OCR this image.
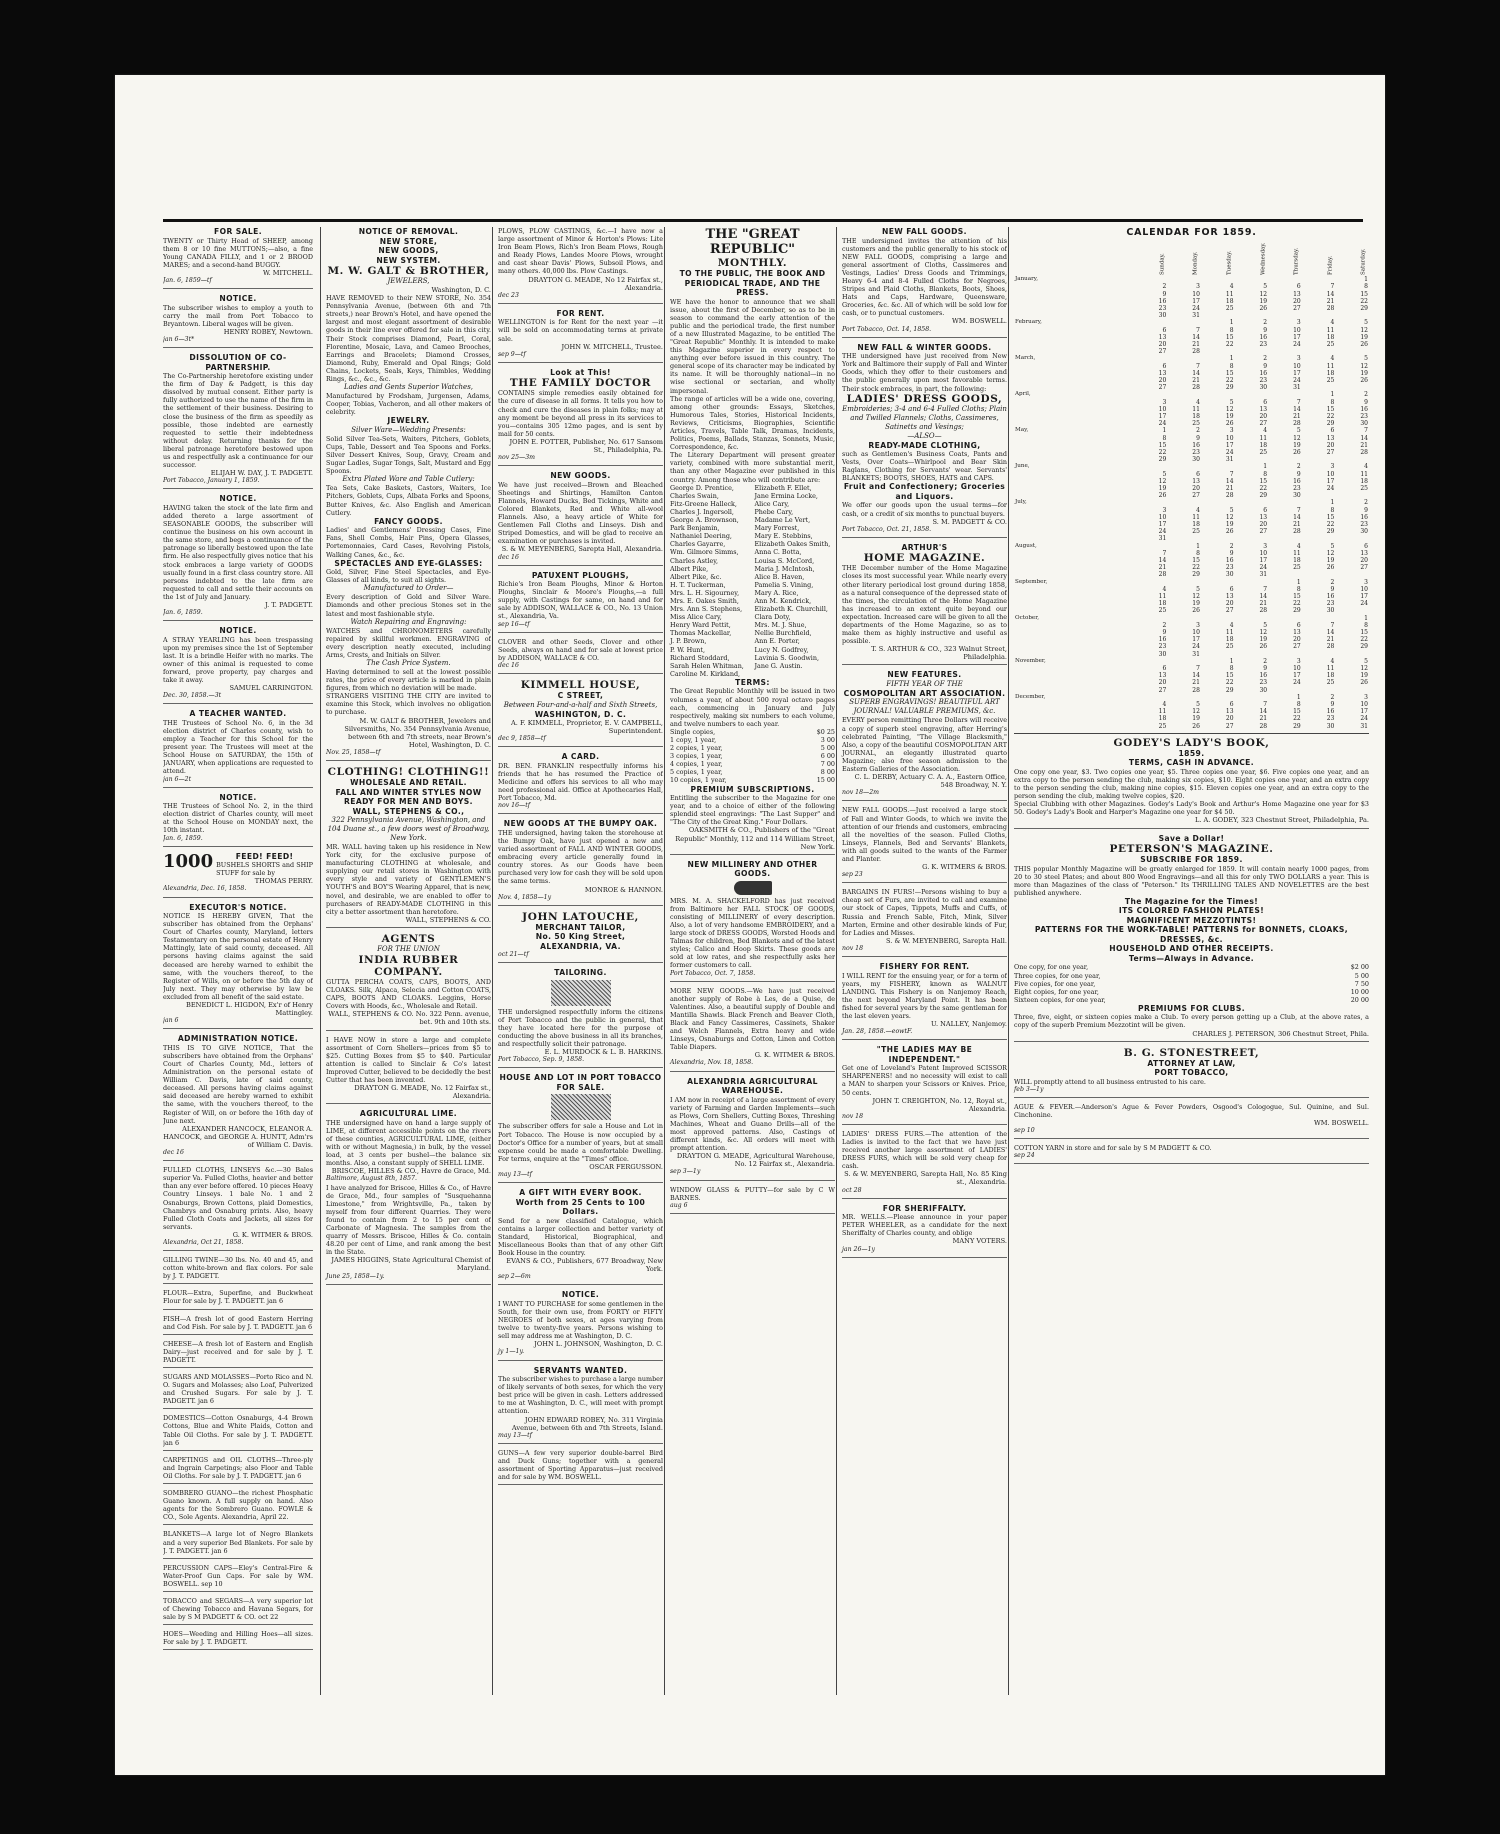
FOR SALE.
TWENTY or Thirty Head of SHEEP, among them 8 or 10 fine MUTTONS;—also, a fine Young CANADA FILLY, and 1 or 2 BROOD MARES; and a second-hand BUGGY.
W. MITCHELL.
Jan. 6, 1859—tf
NOTICE.
The subscriber wishes to employ a youth to carry the mail from Port Tobacco to Bryantown. Liberal wages will be given.
HENRY ROBEY, Newtown.
jan 6—3t*
DISSOLUTION OF CO-PARTNERSHIP.
The Co-Partnership heretofore existing under the firm of Day & Padgett, is this day dissolved by mutual consent. Either party is fully authorized to use the name of the firm in the settlement of their business. Desiring to close the business of the firm as speedily as possible, those indebted are earnestly requested to settle their indebtedness without delay. Returning thanks for the liberal patronage heretofore bestowed upon us and respectfully ask a continuance for our successor.
ELIJAH W. DAY, J. T. PADGETT.
Port Tobacco, January 1, 1859.
NOTICE.
HAVING taken the stock of the late firm and added thereto a large assortment of SEASONABLE GOODS, the subscriber will continue the business on his own account in the same store, and begs a continuance of the patronage so liberally bestowed upon the late firm. He also respectfully gives notice that his stock embraces a large variety of GOODS usually found in a first class country store. All persons indebted to the late firm are requested to call and settle their accounts on the 1st of July and January.
J. T. PADGETT.
Jan. 6, 1859.
NOTICE.
A STRAY YEARLING has been trespassing upon my premises since the 1st of September last. It is a brindle Heifer with no marks. The owner of this animal is requested to come forward, prove property, pay charges and take it away.
SAMUEL CARRINGTON.
Dec. 30, 1858.—3t
A TEACHER WANTED.
THE Trustees of School No. 6, in the 3d election district of Charles county, wish to employ a Teacher for this School for the present year. The Trustees will meet at the School House on SATURDAY, the 15th of JANUARY, when applications are requested to attend.
jan 6—2t
NOTICE.
THE Trustees of School No. 2, in the third election district of Charles county, will meet at the School House on MONDAY next, the 10th instant.
Jan. 6, 1859.
1000	FEED! FEED!
BUSHELS SHORTS and SHIP STUFF for sale by
THOMAS PERRY.
Alexandria, Dec. 16, 1858.
EXECUTOR'S NOTICE.
NOTICE IS HEREBY GIVEN, That the subscriber has obtained from the Orphans' Court of Charles county, Maryland, letters Testamentary on the personal estate of Henry Mattingly, late of said county, deceased. All persons having claims against the said deceased are hereby warned to exhibit the same, with the vouchers thereof, to the Register of Wills, on or before the 5th day of July next. They may otherwise by law be excluded from all benefit of the said estate.
BENEDICT L. HIGDON, Ex'r of Henry Mattingley.
jan 6
ADMINISTRATION NOTICE.
THIS IS TO GIVE NOTICE, That the subscribers have obtained from the Orphans' Court of Charles County, Md., letters of Administration on the personal estate of William C. Davis, late of said county, deceased. All persons having claims against said deceased are hereby warned to exhibit the same, with the vouchers thereof, to the Register of Will, on or before the 16th day of June next.
ALEXANDER HANCOCK, ELEANOR A. HANCOCK, and GEORGE A. HUNTT, Adm'rs of William C. Davis.
dec 16
FULLED CLOTHS, LINSEYS &c.—30 Bales superior Va. Fulled Cloths, heavier and better than any ever before offered. 10 pieces Heavy Country Linseys. 1 bale No. 1 and 2 Osnaburgs, Brown Cottons, plaid Domestics, Chambrys and Osnaburg prints. Also, heavy Fulled Cloth Coats and Jackets, all sizes for servants.
G. K. WITMER & BROS.
Alexandria, Oct 21, 1858.
GILLING TWINE—30 lbs. No. 40 and 45, and cotton white-brown and flax colors. For sale by J. T. PADGETT.
FLOUR—Extra, Superfine, and Buckwheat Flour for sale by J. T. PADGETT. jan 6
FISH—A fresh lot of good Eastern Herring and Cod Fish. For sale by J. T. PADGETT. jan 6
CHEESE—A fresh lot of Eastern and English Dairy—just received and for sale by J. T. PADGETT.
SUGARS AND MOLASSES—Porto Rico and N. O. Sugars and Molasses; also Loaf, Pulverized and Crushed Sugars. For sale by J. T. PADGETT. jan 6
DOMESTICS—Cotton Osnaburgs, 4-4 Brown Cottons, Blue and White Plaids, Cotton and Table Oil Cloths. For sale by J. T. PADGETT. jan 6
CARPETINGS and OIL CLOTHS—Three-ply and Ingrain Carpetings; also Floor and Table Oil Cloths. For sale by J. T. PADGETT. jan 6
SOMBRERO GUANO—the richest Phosphatic Guano known. A full supply on hand. Also agents for the Sombrero Guano. FOWLE & CO., Sole Agents. Alexandria, April 22.
BLANKETS—A large lot of Negro Blankets and a very superior Bed Blankets. For sale by J. T. PADGETT. jan 6
PERCUSSION CAPS—Eley's Central-Fire & Water-Proof Gun Caps. For sale by WM. BOSWELL. sep 10
TOBACCO and SEGARS—A very superior lot of Chewing Tobacco and Havana Segars, for sale by S M PADGETT & CO. oct 22
HOES—Weeding and Hilling Hoes—all sizes. For sale by J. T. PADGETT.
NOTICE OF REMOVAL.
NEW STORE,
NEW GOODS,
NEW SYSTEM.
M. W. GALT & BROTHER,
JEWELERS,
Washington, D. C.
HAVE REMOVED to their NEW STORE, No. 354 Pennsylvania Avenue, (between 6th and 7th streets,) near Brown's Hotel, and have opened the largest and most elegant assortment of desirable goods in their line ever offered for sale in this city. Their Stock comprises Diamond, Pearl, Coral, Florentine, Mosaic, Lava, and Cameo Brooches, Earrings and Bracelets; Diamond Crosses, Diamond, Ruby, Emerald and Opal Rings; Gold Chains, Lockets, Seals, Keys, Thimbles, Wedding Rings, &c., &c., &c.
Ladies and Gents Superior Watches,
Manufactured by Frodsham, Jurgensen, Adams, Cooper, Tobias, Vacheron, and all other makers of celebrity.
JEWELRY.
Silver Ware—Wedding Presents:
Solid Silver Tea-Sets, Waiters, Pitchers, Goblets, Cups, Table, Dessert and Tea Spoons and Forks. Silver Dessert Knives, Soup, Gravy, Cream and Sugar Ladles, Sugar Tongs, Salt, Mustard and Egg Spoons.
Extra Plated Ware and Table Cutlery:
Tea Sets, Cake Baskets, Castors, Waiters, Ice Pitchers, Goblets, Cups, Albata Forks and Spoons, Butter Knives, &c. Also English and American Cutlery.
FANCY GOODS.
Ladies' and Gentlemens' Dressing Cases, Fine Fans, Shell Combs, Hair Pins, Opera Glasses, Portemonnaies, Card Cases, Revolving Pistols, Walking Canes, &c., &c.
SPECTACLES AND EYE-GLASSES:
Gold, Silver, Fine Steel Spectacles, and Eye-Glasses of all kinds, to suit all sights.
Manufactured to Order—
Every description of Gold and Silver Ware. Diamonds and other precious Stones set in the latest and most fashionable style.
Watch Repairing and Engraving:
WATCHES and CHRONOMETERS carefully repaired by skillful workmen. ENGRAVING of every description neatly executed, including Arms, Crests, and Initials on Silver.
The Cash Price System.
Having determined to sell at the lowest possible rates, the price of every article is marked in plain figures, from which no deviation will be made.
STRANGERS VISITING THE CITY are invited to examine this Stock, which involves no obligation to purchase.
M. W. GALT & BROTHER, Jewelers and Silversmiths, No. 354 Pennsylvania Avenue, between 6th and 7th streets, near Brown's Hotel, Washington, D. C.
Nov. 25, 1858—tf
CLOTHING! CLOTHING!!
WHOLESALE AND RETAIL.
FALL AND WINTER STYLES NOW READY FOR MEN AND BOYS.
WALL, STEPHENS & CO.,
322 Pennsylvania Avenue, Washington, and 104 Duane st., a few doors west of Broadway, New York.
MR. WALL having taken up his residence in New York city, for the exclusive purpose of manufacturing CLOTHING at wholesale, and supplying our retail stores in Washington with every style and variety of GENTLEMEN'S YOUTH'S and BOY'S Wearing Apparel, that is new, novel, and desirable, we are enabled to offer to purchasers of READY-MADE CLOTHING in this city a better assortment than heretofore.
WALL, STEPHENS & CO.
AGENTS
FOR THE UNION
INDIA RUBBER COMPANY.
GUTTA PERCHA COATS, CAPS, BOOTS, AND CLOAKS. Silk, Alpaca, Selecia and Cotton COATS, CAPS, BOOTS AND CLOAKS. Leggins, Horse Covers with Hoods, &c., Wholesale and Retail.
WALL, STEPHENS & CO. No. 322 Penn. avenue, bet. 9th and 10th sts.
I HAVE NOW in store a large and complete assortment of Corn Shellers—prices from $5 to $25. Cutting Boxes from $5 to $40. Particular attention is called to Sinclair & Co's latest Improved Cutter, believed to be decidedly the best Cutter that has been invented.
DRAYTON G. MEADE, No. 12 Fairfax st., Alexandria.
AGRICULTURAL LIME.
THE undersigned have on hand a large supply of LIME, at different accessible points on the rivers of these counties, AGRICULTURAL LIME, (either with or without Magnesia,) in bulk, by the vessel load, at 3 cents per bushel—the balance six months. Also, a constant supply of SHELL LIME.
BRISCOE, HILLES & CO., Havre de Grace, Md.
Baltimore, August 8th, 1857.
I have analyzed for Briscoe, Hilles & Co., of Havre de Grace, Md., four samples of "Susquehanna Limestone," from Wrightsville, Pa., taken by myself from four different Quarries. They were found to contain from 2 to 15 per cent of Carbonate of Magnesia. The samples from the quarry of Messrs. Briscoe, Hilles & Co. contain 48.20 per cent of Lime, and rank among the best in the State.
JAMES HIGGINS, State Agricultural Chemist of Maryland.
June 25, 1858—1y.
PLOWS, PLOW CASTINGS, &c.—I have now a large assortment of Minor & Horton's Plows: Lite Iron Beam Plows, Rich's Iron Beam Plows, Rough and Ready Plows, Landes Moore Plows, wrought and cast shear Davis' Plows, Subsoil Plows, and many others. 40,000 lbs. Plow Castings.
DRAYTON G. MEADE, No 12 Fairfax st., Alexandria.
dec 23
FOR RENT.
WELLINGTON is for Rent for the next year —it will be sold on accommodating terms at private sale.
JOHN W. MITCHELL, Trustee.
sep 9—tf
Look at This!
THE FAMILY DOCTOR
CONTAINS simple remedies easily obtained for the cure of disease in all forms. It tells you how to check and cure the diseases in plain folks; may at any moment be beyond all press in its services to you—contains 305 12mo pages, and is sent by mail for 50 cents.
JOHN E. POTTER, Publisher, No. 617 Sansom St., Philadelphia, Pa.
nov 25—3m
NEW GOODS.
We have just received—Brown and Bleached Sheetings and Shirtings, Hamilton Canton Flannels, Howard Ducks, Bed Tickings, White and Colored Blankets, Red and White all-wool Flannels. Also, a heavy article of White for Gentlemen Fall Cloths and Linseys. Dish and Striped Domestics, and will be glad to receive an examination or purchases is invited.
S. & W. MEYENBERG, Sarepta Hall, Alexandria.
dec 16
PATUXENT PLOUGHS,
Richie's Iron Beam Ploughs, Minor & Horton Ploughs, Sinclair & Moore's Ploughs,—a full supply, with Castings for same, on hand and for sale by ADDISON, WALLACE & CO., No. 13 Union st., Alexandria, Va.
sep 16—tf
CLOVER and other Seeds, Clover and other Seeds, always on hand and for sale at lowest price by ADDISON, WALLACE & CO.
dec 16
KIMMELL HOUSE,
C STREET,
Between Four-and-a-half and Sixth Streets,
WASHINGTON, D. C.
A. F. KIMMELL, Proprietor, E. V. CAMPBELL, Superintendent.
dec 9, 1858—tf
A CARD.
DR. BEN. FRANKLIN respectfully informs his friends that he has resumed the Practice of Medicine and offers his services to all who may need professional aid. Office at Apothecaries Hall, Port Tobacco, Md.
nov 16—tf
NEW GOODS AT THE BUMPY OAK.
THE undersigned, having taken the storehouse at the Bumpy Oak, have just opened a new and varied assortment of FALL AND WINTER GOODS, embracing every article generally found in country stores. As our Goods have been purchased very low for cash they will be sold upon the same terms.
MONROE & HANNON.
Nov. 4, 1858—1y
JOHN LATOUCHE,
MERCHANT TAILOR,
No. 50 King Street,
ALEXANDRIA, VA.
oct 21—tf
TAILORING.
THE undersigned respectfully inform the citizens of Port Tobacco and the public in general, that they have located here for the purpose of conducting the above business in all its branches, and respectfully solicit their patronage.
E. L. MURDOCK & L. B. HARKINS.
Port Tobacco, Sep. 9, 1858.
HOUSE AND LOT IN PORT TOBACCO FOR SALE.
The subscriber offers for sale a House and Lot in Port Tobacco. The House is now occupied by a Doctor's Office for a number of years, but at small expense could be made a comfortable Dwelling. For terms, enquire at the "Times" office.
OSCAR FERGUSSON.
may 13—tf
A GIFT WITH EVERY BOOK.
Worth from 25 Cents to 100 Dollars.
Send for a new classified Catalogue, which contains a larger collection and better variety of Standard, Historical, Biographical, and Miscellaneous Books than that of any other Gift Book House in the country.
EVANS & CO., Publishers, 677 Broadway, New York.
sep 2—6m
NOTICE.
I WANT TO PURCHASE for some gentlemen in the South, for their own use, from FORTY or FIFTY NEGROES of both sexes, at ages varying from twelve to twenty-five years. Persons wishing to sell may address me at Washington, D. C.
JOHN L. JOHNSON, Washington, D. C.
jy 1—1y.
SERVANTS WANTED.
The subscriber wishes to purchase a large number of likely servants of both sexes, for which the very best price will be given in cash. Letters addressed to me at Washington, D. C., will meet with prompt attention.
JOHN EDWARD ROBEY, No. 311 Virginia Avenue, between 6th and 7th Streets, Island.
may 13—tf
GUNS—A few very superior double-barrel Bird and Duck Guns; together with a general assortment of Sporting Apparatus—just received and for sale by WM. BOSWELL.
THE "GREAT REPUBLIC"
MONTHLY.
TO THE PUBLIC, THE BOOK AND PERIODICAL TRADE, AND THE PRESS.
WE have the honor to announce that we shall issue, about the first of December, so as to be in season to command the early attention of the public and the periodical trade, the first number of a new Illustrated Magazine, to be entitled The "Great Republic" Monthly. It is intended to make this Magazine superior in every respect to anything ever before issued in this country. The general scope of its character may be indicated by its name. It will be thoroughly national—in no wise sectional or sectarian, and wholly impersonal.
The range of articles will be a wide one, covering, among other grounds: Essays, Sketches, Humorous Tales, Stories, Historical Incidents, Reviews, Criticisms, Biographies, Scientific Articles, Travels, Table Talk, Dramas, Incidents, Politics, Poems, Ballads, Stanzas, Sonnets, Music, Correspondence, &c.
The Literary Department will present greater variety, combined with more substantial merit, than any other Magazine ever published in this country. Among those who will contribute are:
George D. Prentice,
Charles Swain,
Fitz-Greene Halleck,
Charles J. Ingersoll,
George A. Brownson,
Park Benjamin,
Nathaniel Deering,
Charles Gayarre,
Wm. Gilmore Simms,
Charles Astley,
Albert Pike,
Albert Pike, &c.
H. T. Tuckerman,
Mrs. L. H. Sigourney,
Mrs. E. Oakes Smith,
Mrs. Ann S. Stephens,
Miss Alice Cary,
Henry Ward Pettit,
Thomas Mackellar,
J. P. Brown,
P. W. Hunt,
Richard Stoddard,
Sarah Helen Whitman,
Caroline M. Kirkland,
Elizabeth F. Ellet,
Jane Ermina Locke,
Alice Cary,
Phebe Cary,
Madame Le Vert,
Mary Forrest,
Mary E. Stebbins,
Elizabeth Oakes Smith,
Anna C. Botta,
Louisa S. McCord,
Maria J. McIntosh,
Alice B. Haven,
Pamelia S. Vining,
Mary A. Rice,
Ann M. Kendrick,
Elizabeth K. Churchill,
Clara Doty,
Mrs. M. J. Shue,
Nellie Burchfield,
Ann E. Porter,
Lucy N. Godfrey,
Lavinia S. Goodwin,
Jane G. Austin.
TERMS:
The Great Republic Monthly will be issued in two volumes a year, of about 500 royal octavo pages each, commencing in January and July respectively, making six numbers to each volume, and twelve numbers to each year.
Single copies,	$0 25
1 copy, 1 year,	3 00
2 copies, 1 year,	5 00
3 copies, 1 year,	6 00
4 copies, 1 year,	7 00
5 copies, 1 year,	8 00
10 copies, 1 year,	15 00
PREMIUM SUBSCRIPTIONS.
Entitling the subscriber to the Magazine for one year, and to a choice of either of the following splendid steel engravings: "The Last Supper" and "The City of the Great King." Four Dollars.
OAKSMITH & CO., Publishers of the "Great Republic" Monthly, 112 and 114 William Street, New York.
NEW MILLINERY AND OTHER GOODS.
MRS. M. A. SHACKELFORD has just received from Baltimore her FALL STOCK OF GOODS, consisting of MILLINERY of every description. Also, a lot of very handsome EMBROIDERY, and a large stock of DRESS GOODS, Worsted Hoods and Talmas for children, Bed Blankets and of the latest styles; Calico and Hoop Skirts. These goods are sold at low rates, and she respectfully asks her former customers to call.
Port Tobacco, Oct. 7, 1858.
MORE NEW GOODS.—We have just received another supply of Robe à Les, de a Quise, de Valentines. Also, a beautiful supply of Double and Mantilla Shawls. Black French and Beaver Cloth, Black and Fancy Cassimeres, Cassinets, Shaker and Welch Flannels, Extra heavy and wide Linseys, Osnaburgs and Cotton, Linen and Cotton Table Diapers.
G. K. WITMER & BROS.
Alexandria, Nov. 18, 1858.
ALEXANDRIA AGRICULTURAL WAREHOUSE.
I AM now in receipt of a large assortment of every variety of Farming and Garden Implements—such as Plows, Corn Shellers, Cutting Boxes, Threshing Machines, Wheat and Guano Drills—all of the most approved patterns. Also, Castings of different kinds, &c. All orders will meet with prompt attention.
DRAYTON G. MEADE, Agricultural Warehouse, No. 12 Fairfax st., Alexandria.
sep 3—1y
WINDOW GLASS & PUTTY—for sale by C W BARNES.
aug 6
NEW FALL GOODS.
THE undersigned invites the attention of his customers and the public generally to his stock of NEW FALL GOODS, comprising a large and general assortment of Cloths, Cassimeres and Vestings, Ladies' Dress Goods and Trimmings, Heavy 6-4 and 8-4 Fulled Cloths for Negroes, Stripes and Plaid Cloths, Blankets, Boots, Shoes, Hats and Caps, Hardware, Queensware, Groceries, &c. &c. All of which will be sold low for cash, or to punctual customers.
WM. BOSWELL.
Port Tobacco, Oct. 14, 1858.
NEW FALL & WINTER GOODS.
THE undersigned have just received from New York and Baltimore their supply of Fall and Winter Goods, which they offer to their customers and the public generally upon most favorable terms. Their stock embraces, in part, the following:
LADIES' DRESS GOODS,
Embroideries; 3-4 and 6-4 Fulled Cloths; Plain and Twilled Flannels; Cloths, Cassimeres, Satinetts and Vesings;
—ALSO—
READY-MADE CLOTHING,
such as Gentlemen's Business Coats, Pants and Vests, Over Coats—Whirlpool and Bear Skin Raglans, Clothing for Servants' wear. Servants' BLANKETS; BOOTS, SHOES, HATS and CAPS.
Fruit and Confectionery; Groceries and Liquors.
We offer our goods upon the usual terms—for cash, or a credit of six months to punctual buyers.
S. M. PADGETT & CO.
Port Tobacco, Oct. 21, 1858.
ARTHUR'S
HOME MAGAZINE.
THE December number of the Home Magazine closes its most successful year. While nearly every other literary periodical lost ground during 1858, as a natural consequence of the depressed state of the times, the circulation of the Home Magazine has increased to an extent quite beyond our expectation. Increased care will be given to all the departments of the Home Magazine, so as to make them as highly instructive and useful as possible.
T. S. ARTHUR & CO., 323 Walnut Street, Philadelphia.
NEW FEATURES.
FIFTH YEAR OF THE
COSMOPOLITAN ART ASSOCIATION.
SUPERB ENGRAVINGS! BEAUTIFUL ART JOURNAL! VALUABLE PREMIUMS, &c.
EVERY person remitting Three Dollars will receive a copy of superb steel engraving, after Herring's celebrated Painting, "The Village Blacksmith," Also, a copy of the beautiful COSMOPOLITAN ART JOURNAL, an elegantly illustrated quarto Magazine; also free season admission to the Eastern Galleries of the Association.
C. L. DERBY, Actuary C. A. A., Eastern Office, 548 Broadway, N. Y.
nov 18—2m
NEW FALL GOODS.—Just received a large stock of Fall and Winter Goods, to which we invite the attention of our friends and customers, embracing all the novelties of the season. Fulled Cloths, Linseys, Flannels, Bed and Servants' Blankets, with all goods suited to the wants of the Farmer and Planter.
G. K. WITMERS & BROS.
sep 23
BARGAINS IN FURS!—Persons wishing to buy a cheap set of Furs, are invited to call and examine our stock of Capes, Tippets, Muffs and Cuffs, of Russia and French Sable, Fitch, Mink, Silver Marten, Ermine and other desirable kinds of Fur, for Ladies and Misses.
S. & W. MEYENBERG, Sarepta Hall.
nov 18
FISHERY FOR RENT.
I WILL RENT for the ensuing year, or for a term of years, my FISHERY, known as WALNUT LANDING. This Fishery is on Nanjemoy Reach, the next beyond Maryland Point. It has been fished for several years by the same gentleman for the last eleven years.
U. NALLEY, Nanjemoy.
Jan. 28, 1858.—eowtF.
"THE LADIES MAY BE INDEPENDENT."
Get one of Loveland's Patent Improved SCISSOR SHARPENERS! and no necessity will exist to call a MAN to sharpen your Scissors or Knives. Price, 50 cents.
JOHN T. CREIGHTON, No. 12, Royal st., Alexandria.
nov 18
LADIES' DRESS FURS.—The attention of the Ladies is invited to the fact that we have just received another large assortment of LADIES' DRESS FURS, which will be sold very cheap for cash.
S. & W. MEYENBERG, Sarepta Hall, No. 85 King st., Alexandria.
oct 28
FOR SHERIFFALTY.
MR. WELLS.—Please announce in your paper PETER WHEELER, as a candidate for the next Sheriffalty of Charles county, and oblige
MANY VOTERS.
jan 26—1y
CALENDAR FOR 1859.
	Sunday.	Monday.	Tuesday.	Wednesday.	Thursday.	Friday.	Saturday.
January,							1
	2	3	4	5	6	7	8
	9	10	11	12	13	14	15
	16	17	18	19	20	21	22
	23	24	25	26	27	28	29
	30	31					
February,			1	2	3	4	5
	6	7	8	9	10	11	12
	13	14	15	16	17	18	19
	20	21	22	23	24	25	26
	27	28					
March,			1	2	3	4	5
	6	7	8	9	10	11	12
	13	14	15	16	17	18	19
	20	21	22	23	24	25	26
	27	28	29	30	31		
April,						1	2
	3	4	5	6	7	8	9
	10	11	12	13	14	15	16
	17	18	19	20	21	22	23
	24	25	26	27	28	29	30
May,	1	2	3	4	5	6	7
	8	9	10	11	12	13	14
	15	16	17	18	19	20	21
	22	23	24	25	26	27	28
	29	30	31				
June,				1	2	3	4
	5	6	7	8	9	10	11
	12	13	14	15	16	17	18
	19	20	21	22	23	24	25
	26	27	28	29	30		
July,						1	2
	3	4	5	6	7	8	9
	10	11	12	13	14	15	16
	17	18	19	20	21	22	23
	24	25	26	27	28	29	30
	31						
August,		1	2	3	4	5	6
	7	8	9	10	11	12	13
	14	15	16	17	18	19	20
	21	22	23	24	25	26	27
	28	29	30	31			
September,					1	2	3
	4	5	6	7	8	9	10
	11	12	13	14	15	16	17
	18	19	20	21	22	23	24
	25	26	27	28	29	30	
October,							1
	2	3	4	5	6	7	8
	9	10	11	12	13	14	15
	16	17	18	19	20	21	22
	23	24	25	26	27	28	29
	30	31					
November,			1	2	3	4	5
	6	7	8	9	10	11	12
	13	14	15	16	17	18	19
	20	21	22	23	24	25	26
	27	28	29	30			
December,					1	2	3
	4	5	6	7	8	9	10
	11	12	13	14	15	16	17
	18	19	20	21	22	23	24
	25	26	27	28	29	30	31
GODEY'S LADY'S BOOK,
1859.
TERMS, CASH IN ADVANCE.
One copy one year, $3. Two copies one year, $5. Three copies one year, $6. Five copies one year, and an extra copy to the person sending the club, making six copies, $10. Eight copies one year, and an extra copy to the person sending the club, making nine copies, $15. Eleven copies one year, and an extra copy to the person sending the club, making twelve copies, $20.
Special Clubbing with other Magazines. Godey's Lady's Book and Arthur's Home Magazine one year for $3 50. Godey's Lady's Book and Harper's Magazine one year for $4 50.
L. A. GODEY, 323 Chestnut Street, Philadelphia, Pa.
Save a Dollar!
PETERSON'S MAGAZINE.
SUBSCRIBE FOR 1859.
THIS popular Monthly Magazine will be greatly enlarged for 1859. It will contain nearly 1000 pages, from 20 to 30 steel Plates; and about 800 Wood Engravings—and all this for only TWO DOLLARS a year. This is more than Magazines of the class of "Peterson." Its THRILLING TALES AND NOVELETTES are the best published anywhere.
The Magazine for the Times!
ITS COLORED FASHION PLATES!
MAGNIFICENT MEZZOTINTS!
PATTERNS FOR THE WORK-TABLE! PATTERNS for BONNETS, CLOAKS, DRESSES, &c.
HOUSEHOLD AND OTHER RECEIPTS.
Terms—Always in Advance.
One copy, for one year,	$2 00
Three copies, for one year,	5 00
Five copies, for one year,	7 50
Eight copies, for one year,	10 00
Sixteen copies, for one year,	20 00
PREMIUMS FOR CLUBS.
Three, five, eight, or sixteen copies make a Club. To every person getting up a Club, at the above rates, a copy of the superb Premium Mezzotint will be given.
CHARLES J. PETERSON, 306 Chestnut Street, Phila.
B. G. STONESTREET,
ATTORNEY AT LAW,
PORT TOBACCO,
WILL promptly attend to all business entrusted to his care.
feb 3—1y
AGUE & FEVER.—Anderson's Ague & Fever Powders, Osgood's Cologogue, Sul. Quinine, and Sul. Cinchonine.
WM. BOSWELL.
sep 10
COTTON YARN in store and for sale by S M PADGETT & CO.
sep 24
